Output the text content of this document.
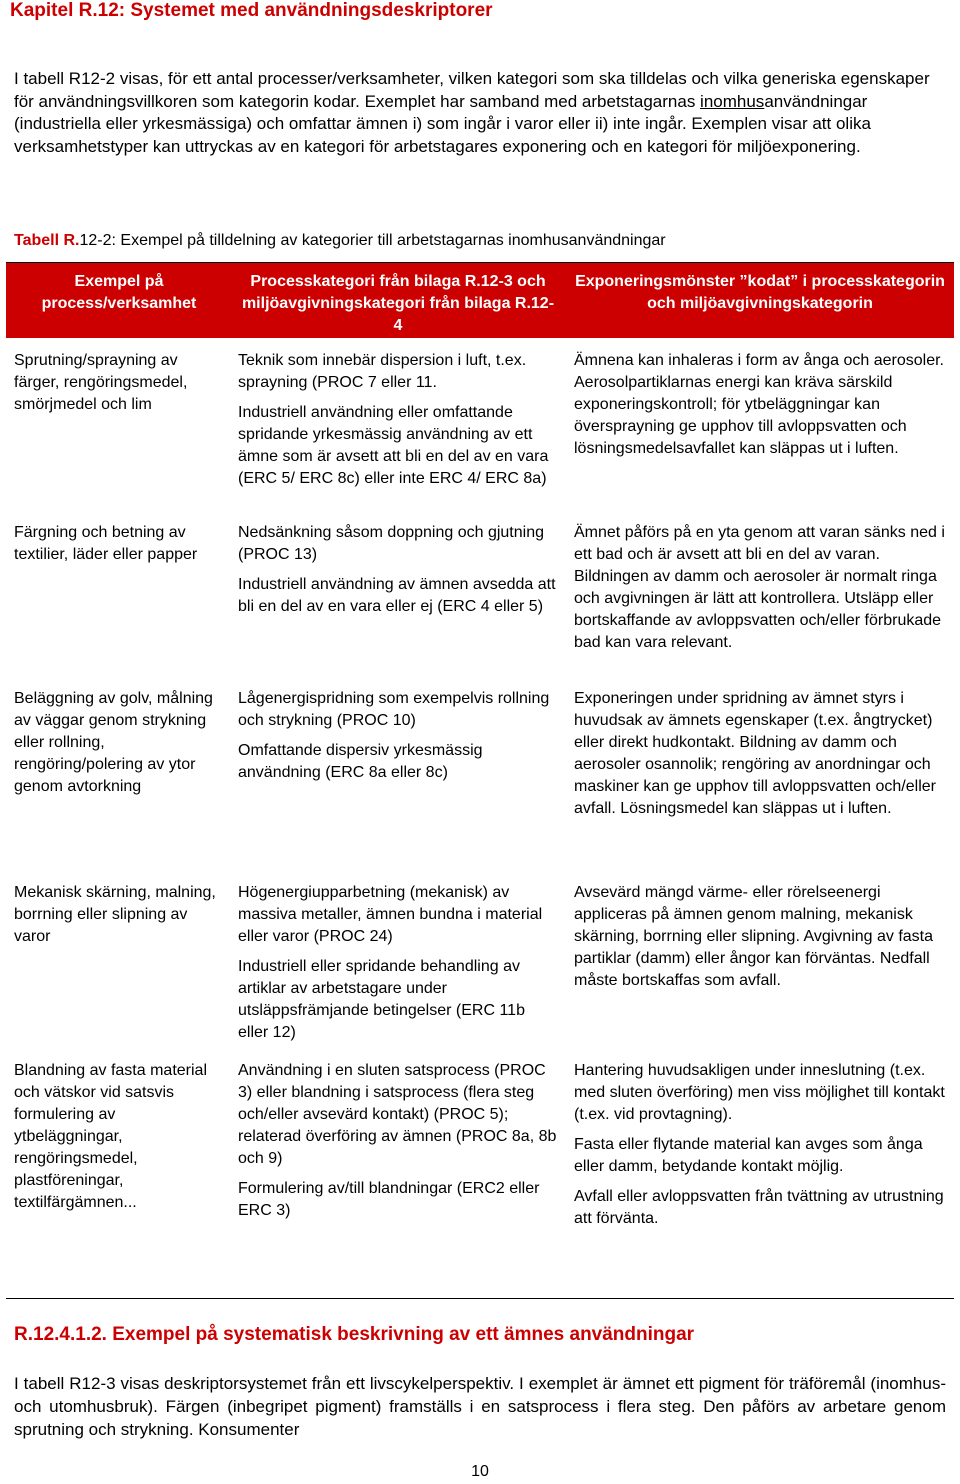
Kapitel R.12: Systemet med användningsdeskriptorer

I tabell R12-2 visas, för ett antal processer/verksamheter, vilken kategori som ska tilldelas och vilka generiska egenskaper för användningsvillkoren som kategorin kodar. Exemplet har samband med arbetstagarnas inomhusanvändningar (industriella eller yrkesmässiga) och omfattar ämnen i) som ingår i varor eller ii) inte ingår. Exemplen visar att olika verksamhetstyper kan uttryckas av en kategori för arbetstagares exponering och en kategori för miljöexponering.

Tabell R.12-2: Exempel på tilldelning av kategorier till arbetstagarnas inomhusanvändningar
Exempel på process/verksamhet
Processkategori från bilaga R.12-3 och miljöavgivningskategori från bilaga R.12-4
Exponeringsmönster ”kodat” i processkategorin och miljöavgivningskategorin

Sprutning/sprayning av färger, rengöringsmedel, smörjmedel och lim

Teknik som innebär dispersion i luft, t.ex. sprayning (PROC 7 eller 11.

Industriell användning eller omfattande spridande yrkesmässig användning av ett ämne som är avsett att bli en del av en vara (ERC 5/ ERC 8c) eller inte ERC 4/ ERC 8a)

Ämnena kan inhaleras i form av ånga och aerosoler. Aerosolpartiklarnas energi kan kräva särskild exponeringskontroll; för ytbeläggningar kan översprayning ge upphov till avloppsvatten och lösningsmedelsavfallet kan släppas ut i luften.

Färgning och betning av textilier, läder eller papper

Nedsänkning såsom doppning och gjutning (PROC 13)

Industriell användning av ämnen avsedda att bli en del av en vara eller ej (ERC 4 eller 5)

Ämnet påförs på en yta genom att varan sänks ned i ett bad och är avsett att bli en del av varan. Bildningen av damm och aerosoler är normalt ringa och avgivningen är lätt att kontrollera. Utsläpp eller bortskaffande av avloppsvatten och/eller förbrukade bad kan vara relevant.

Beläggning av golv, målning av väggar genom strykning eller rollning, rengöring/polering av ytor genom avtorkning

Lågenergispridning som exempelvis rollning och strykning (PROC 10)

Omfattande dispersiv yrkesmässig användning (ERC 8a eller 8c)

Exponeringen under spridning av ämnet styrs i huvudsak av ämnets egenskaper (t.ex. ångtrycket) eller direkt hudkontakt. Bildning av damm och aerosoler osannolik; rengöring av anordningar och maskiner kan ge upphov till avloppsvatten och/eller avfall. Lösningsmedel kan släppas ut i luften.

Mekanisk skärning, malning, borrning eller slipning av varor

Högenergiupparbetning (mekanisk) av massiva metaller, ämnen bundna i material eller varor (PROC 24)

Industriell eller spridande behandling av artiklar av arbetstagare under utsläppsfrämjande betingelser (ERC 11b eller 12)

Avsevärd mängd värme- eller rörelseenergi appliceras på ämnen genom malning, mekanisk skärning, borrning eller slipning. Avgivning av fasta partiklar (damm) eller ångor kan förväntas. Nedfall måste bortskaffas som avfall.

Blandning av fasta material och vätskor vid satsvis formulering av ytbeläggningar, rengöringsmedel, plastföreningar, textilfärgämnen...

Användning i en sluten satsprocess (PROC 3) eller blandning i satsprocess (flera steg och/eller avsevärd kontakt) (PROC 5); relaterad överföring av ämnen (PROC 8a, 8b och 9)

Formulering av/till blandningar (ERC2 eller ERC 3)

Hantering huvudsakligen under inneslutning (t.ex. med sluten överföring) men viss möjlighet till kontakt (t.ex. vid provtagning).

Fasta eller flytande material kan avges som ånga eller damm, betydande kontakt möjlig.

Avfall eller avloppsvatten från tvättning av utrustning att förvänta.

R.12.4.1.2. Exempel på systematisk beskrivning av ett ämnes användningar
I tabell R12-3 visas deskriptorsystemet från ett livscykelperspektiv. I exemplet är ämnet ett pigment för träföremål (inomhus- och utomhusbruk). Färgen (inbegripet pigment) framställs i en satsprocess i flera steg. Den påförs av arbetare genom sprutning och strykning. Konsumenter
10
